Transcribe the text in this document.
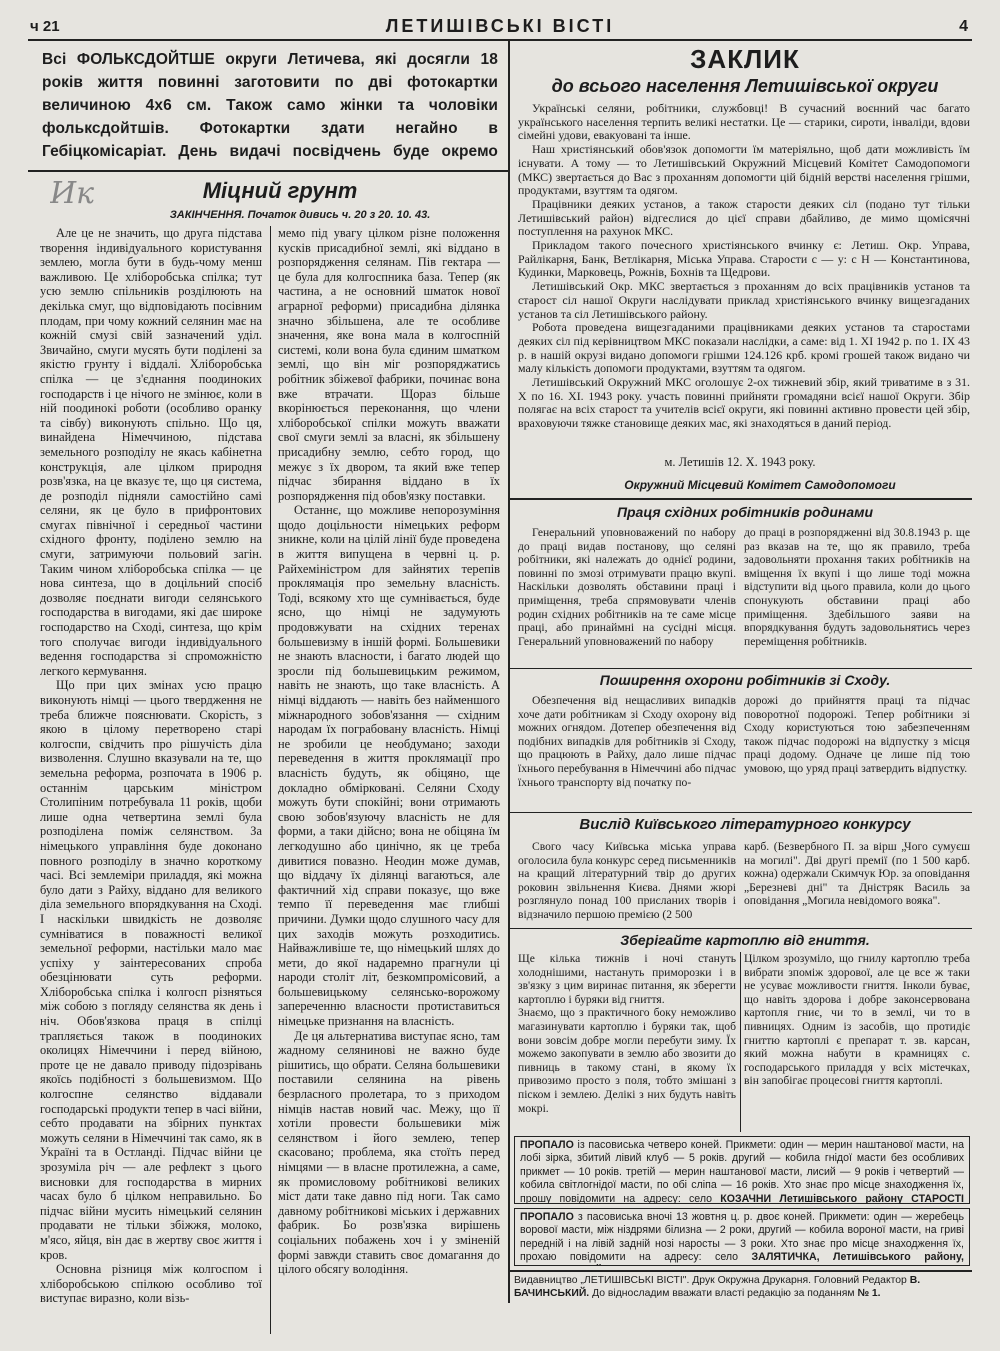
ч 21	ЛЕТИШІВСЬКІ ВІСТІ	4
Всі ФОЛЬКСДОЙТШЕ округи Летичева, які досягли 18 років життя повинні заготовити по дві фотокартки величиною 4х6 см. Також само жінки та чоловіки фольксдойтшів. Фотокартки здати негайно в Гебіцкомісаріат. День видачі посвідчень буде окремо
Ик	Міцний грунт
ЗАКІНЧЕННЯ. Початок дивись ч. 20 з 20. 10. 43.

Але це не значить, що друга підстава творення індивідуального користування землею, могла бути в будь-чому менш важливою. Це хліборобська спілка; тут усю землю спільників розділюють на декілька смуг, що відповідають посівним плодам, при чому кожний селянин має на кожній смузі свій зазначений уділ. Звичайно, смуги мусять бути поділені за якістю грунту і віддалі. Хліборобська спілка — це з'єднання поодиноких господарств і це нічого не змінює, коли в ній поодинокі роботи (особливо оранку та сівбу) виконують спільно. Що ця, винайдена Німеччиною, підстава земельного розподілу не якась кабінетна конструкція, але цілком природня розв'язка, на це вказує те, що ця система, де розподіл підняли самостійно самі селяни, як це було в прифронтових смугах північної і середньої частини східного фронту, поділено землю на смуги, затримуючи польовий загін. Таким чином хліборобська спілка — це нова синтеза, що в доцільний спосіб дозволяє поєднати вигоди селянського господарства в вигодами, які дає широке господарство на Сході, синтеза, що крім того сполучає вигоди індивідуального ведення господарства зі спроможністю легкого кермування.

Що при цих змінах усю працю виконують німці — цього твердження не треба ближче пояснювати. Скорість, з якою в цілому перетворено старі колгоспи, свідчить про рішучість діла визволення. Слушно вказували на те, що земельна реформа, розпочата в 1906 р. останнім царським міністром Столипіним потребувала 11 років, щоби лише одна четвертина землі була розподілена поміж селянством. За німецького управління буде доконано повного розподілу в значно короткому часі. Всі землеміри приладдя, які можна було дати з Райху, віддано для великого діла земельного впорядкування на Сході. І наскільки швидкість не дозволяє сумніватися в поважності великої земельної реформи, настільки мало має успіху у заінтересованих спроба обезцінювати суть реформи. Хліборобська спілка і колгосп різняться між собою з погляду селянства як день і ніч. Обов'язкова праця в спілці трапляється також в поодиноких околицях Німеччини і перед війною, проте це не давало приводу підозрівань якоїсь подібності з большевизмом. Що колгоспне селянство віддавали господарські продукти тепер в часі війни, себто продавати на збірних пунктах можуть селяни в Німеччині так само, як в Україні та в Остланді. Підчас війни це зрозуміла річ — але рефлект з цього висновки для господарства в мирних часах було б цілком неправильно. Бо підчас війни мусить німецький селянин продавати не тільки збіжжя, молоко, м'ясо, яйця, він дає в жертву своє життя і кров.

Основна різниця між колгоспом і хліборобською спілкою особливо тої виступає виразно, коли візь-

мемо під увагу цілком різне положення кусків присадибної землі, які віддано в розпорядження селянам. Пів гектара — це була для колгоспника база. Тепер (як частина, а не основний шматок нової аграрної реформи) присадибна ділянка значно збільшена, але те особливе значення, яке вона мала в колгоспній системі, коли вона була єдиним шматком землі, що він міг розпоряджатись робітник збіжевої фабрики, починає вона вже втрачати. Щораз більше вкорінюється переконання, що члени хліборобської спілки можуть вважати свої смуги землі за власні, як збільшену присадибну землю, себто город, що межує з їх двором, та який вже тепер підчас збирання віддано в їх розпорядження під обов'язку поставки.

Останнє, що можливе непорозуміння щодо доцільности німецьких реформ зникне, коли на цілій лінії буде проведена в життя випущена в червні ц. р. Райхеміністром для зайнятих терепів проклямація про земельну власність. Тоді, всякому хто ще сумнівається, буде ясно, що німці не задумують продовжувати на східних теренах большевизму в іншій формі. Большевики не знають власности, і багато людей що зросли під большевицьким режимом, навіть не знають, що таке власність. А німці віддають — навіть без найменшого міжнародного зобов'язання — східним народам їх пограбовану власність. Німці не зробили це необдумано; заходи переведення в життя проклямації про власність будуть, як обіцяно, ще докладно обмірковані. Селяни Сходу можуть бути спокійні; вони отримають свою зобов'язуючу власність не для форми, а таки дійсно; вона не обіцяна їм легкодушно або цинічно, як це треба дивитися повазно. Неодин може думав, що віддачу їх ділянці вагаються, але фактичний хід справи показує, що вже темпо її переведення має глибші причини. Думки щодо слушного часу для цих заходів можуть розходитись. Найважливіше те, що німецький шлях до мети, до якої надаремно прагнули ці народи століт літ, безкомпромісовий, а большевицькому селянсько-ворожому запереченню власности протиставиться німецьке признання на власність.

Де ця альтернатива виступає ясно, там жадному селянинові не важно буде рішитись, що обрати. Селяна большевики поставили селянина на рівень безрласного пролетара, то з приходом німців настав новий час. Межу, що її хотіли провести большевики між селянством і його землею, тепер скасовано; проблема, яка стоїть перед німцями — в власне протилежна, а саме, як промисловому робітникові великих міст дати таке давно під ноги. Так само давному робітникові міських і державних фабрик. Бо розв'язка вирішень соціальних побажень хоч і у зміненій формі завжди ставить своє домагання до цілого обсягу володіння.

ЗАКЛИК
до всього населення Летишівської округи

Українські селяни, робітники, службовці! В сучасний воєнний час багато українського населення терпить великі нестатки. Це — старики, сироти, інваліди, вдови сімейні удови, евакуовані та інше.

Наш христіянський обов'язок допомогти їм матеріяльно, щоб дати можливість їм існувати. А тому — то Летишівський Окружний Місцевий Комітет Самодопомоги (МКС) звертається до Вас з проханням допомогти цій бідній верстві населення грішми, продуктами, взуттям та одягом.

Працівники деяких установ, а також старости деяких сіл (подано тут тільки Летишівський район) відгеслися до цієї справи дбайливо, де мимо щомісячні поступлення на рахунок МКС.

Прикладом такого почесного христіянського вчинку є: Летиш. Окр. Управа, Райлікарня, Банк, Ветлікарня, Міська Управа. Старости с — у: с Н — Константинова, Кудинки, Марковець, Рожнів, Бохнів та Щедрови.

Летишівський Окр. МКС звертається з проханням до всіх працівників установ та старост сіл нашої Округи наслідувати приклад христіянського вчинку вищезгаданих установ та сіл Летишівського району.

Робота проведена вищезгаданими працівниками деяких установ та старостами деяких сіл під керівництвом МКС показали наслідки, а саме: від 1. XI 1942 р. по 1. IX 43 р. в нашій окрузі видано допомоги грішми 124.126 крб. кромі грошей також видано чи малу кількість допомоги продуктами, взуттям та одягом.

Летишівський Окружний МКС оголошує 2-ох тижневий збір, який триватиме в з 31. X по 16. XI. 1943 року. участь повинні прийняти громадяни всієї нашої Округи. Збір полягає на всіх старост та учителів всієї округи, які повинні активно провести цей збір, враховуючи тяжке становище деяких мас, які знаходяться в даний період.

м. Летишів 12. X. 1943 року.
Окружний Місцевий Комітет Самодопомоги
Праця східних робітників родинами

Генеральний уповноважений по набору до праці видав постанову, що селяні робітники, які належать до однієї родини, повинні по змозі отримувати працю вкупі. Наскільки дозволять обставини праці і приміщення, треба спрямовувати членів родин східних робітників на те саме місце праці, або принаймні на сусідні місця. Генеральний уповноважений по набору

до праці в розпорядженні від 30.8.1943 р. ще раз вказав на те, що як правило, треба задовольняти прохання таких робітників на вміщення їх вкупі і що лише тоді можна відступити від цього правила, коли до цього спонукують обставини праці або приміщення. Здебільшого заяви на впорядкування будуть задовольнятись через переміщення робітників.

Поширення охорони робітників зі Сходу.

Обезпечення від нещасливих випадків хоче дати робітникам зі Сходу охорону від можних огнядом. Дотепер обезпечення від подібних випадків для робітників зі Сходу, що працюють в Райху, дало лише підчас їхнього перебування в Німеччині або підчас їхнього транспорту від початку по-

дорожі до прийняття праці та підчас поворотної подорожі. Тепер робітники зі Сходу користуються тою забезпеченням також підчас подорожі на відпустку з місця праці додому. Одначе це лише під тою умовою, що уряд праці затвердить відпустку.

Вислід Київського літературного конкурсу

Свого часу Київська міська управа оголосила була конкурс серед письменників на кращий літературний твір до других роковин звільнення Києва. Днями жюрі розглянуло понад 100 присланих творів і відзначило першою премією (2 500

карб. (Безвербного П. за вірш „Чого сумуєш на могилі". Дві другі премії (по 1 500 карб. кожна) одержали Скимчук Юр. за оповідання „Березневі дні" та Дністряк Василь за оповідання „Могила невідомого вояка".

Зберігайте картоплю від гниття.
Ще кілька тижнів і ночі стануть холоднішими, настануть приморозки і в зв'язку з цим виринає питання, як зберегти картоплю і буряки від гниття.
Знаємо, що з практичного боку неможливо магазинувати картоплю і буряки так, щоб вони зовсім добре могли перебути зиму. Їх можемо закопувати в землю або звозити до пивниць в такому стані, в якому їх привозимо просто з поля, тобто змішані з піском і землею. Делікі з них будуть навіть мокрі.

Цілком зрозуміло, що гнилу картоплю треба вибрати зпоміж здорової, але це все ж таки не усуває можливости гниття. Інколи буває, що навіть здорова і добре законсервована картопля гниє, чи то в землі, чи то в пивницях. Одним із засобів, що протидіє гниттю картоплі є препарат т. зв. карсан, який можна набути в крамницях с. господарського приладдя у всіх містечках, він запобігає процесові гниття картоплі.

ПРОПАЛО із пасовиська четверо коней. Прикмети: один — мерин наштанової масти, на лобі зірка, збитий лівий клуб — 5 років. другий — кобила гнідої масти без особливих прикмет — 10 років. третій — мерин наштанової масти, лисий — 9 років і четвертий — кобила світлогнідої масти, по обі сліпа — 16 років. Хто знає про місце знаходження їх, прошу повідомити на адресу: село КОЗАЧНИ Летишівського району СТАРОСТІ
ПРОПАЛО з пасовиська вночі 13 жовтня ц. р. двоє коней. Прикмети: один — жеребець ворової масти, між ніздрями білизна — 2 роки, другий — кобила вороної масти, на гриві передній і на лівій задній нозі наросты — 3 роки. Хто знає про місце знаходження їх, прохаю повідомити на адресу: село ЗАЛЯТИЧКА, Летишівського району,
Видавництво „ЛЕТИШІВСЬКІ ВІСТІ". Друк Окружна Друкарня. Головний Редактор В. БАЧИНСЬКИЙ. До відносладим вважати власті редакцію за поданням № 1.
